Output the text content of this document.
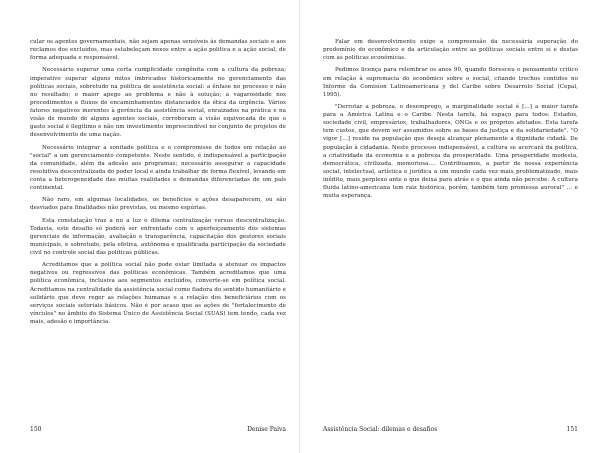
cular os agentes governamentais, não sejam apenas sensíveis às demandas sociais e aos reclamos dos excluídos, mas estabeleçam nexos entre a ação política e a ação social, de forma adequada e responsável.

Necessário superar uma certa cumplicidade congênita com a cultura da pobreza; imperativo superar alguns mitos imbricados historicamente no gerenciamento das políticas sociais, sobretudo na política de assistência social: a ênfase no processo e não no resultado; o maior apego ao problema e não à solução; a vagarosidade nos procedimentos e fluxos de encaminhamentos distanciados da ética da urgência. Vários fatores negativos inerentes à gerência da assistência social, enraizados na prática e na visão de mundo de alguns agentes sociais, corroboram a visão equivocada de que o gasto social é ilegítimo e não um investimento imprescindível no conjunto de projetos de desenvolvimento de uma nação.

Necessário integrar a sonitade política e o compromisse de todos em relação ao "social" a um gerenciamento competente. Neste sentido, é indispensável a participação da comunidade, além da adesão aos programas; necessário assegurar a capacidade resolutiva descentralizada do poder local e ainda trabalhar de forma flexível, levando em conta a heterogeneidade das muitas realidades e demandas diferenciadas de um país continental.

Não raro, em algumas localidades, os benefícios e ações desaparecem, ou são desviados para finalidades não previstas, ou mesmo espúrias.

Esta constatação traz a nu a luz o dilema centralização versus descentralização. Todavia, este desafio só poderá ser enfrentado com o aperfeiçoamento dos sistemas gerenciais de informação, avaliação e transparência, capacitação dos gestores sociais municipais, e sobretudo, pela efetiva, autônoma e qualificada participação da sociedade civil no controle social das políticas públicas.

Acreditamos que a política social não pode estar limitada a atenuar os impactos negativos ou regressivos das políticas econômicas. Também acreditamos que uma política econômica, inclusiva aos segmentos excluídos, converte-se em política social. Acreditamos na centralidade da assistência social como fiadora do sentido humanitário e solidário que deve reger as relações humanas e a relação dos beneficiários com os serviços sociais setoriais básicos. Não é por acaso que as ações de "fortalecimento de vínculos" no âmbito do Sistema Único de Assistência Social (SUAS) tem tendo, cada vez mais, adesão e importância.

150	Denise Paiva

Falar em desenvolvimento exige a compreensão da necessária superação do predomínio do econômico e da articulação entre as políticas sociais entre si e destas com as políticas econômicas.

Pedimos licença para relembrar os anos 90, quando floresceu o pensamento crítico em relação à supremacia do econômico sobre o social, citando trechos contidos no Informe da Comisíon Latinoamericana y del Caribe sobre Desarrolo Social (Cepal, 1995).

"Derrotar a pobreza, o desemprego, a marginalidade social é [...] a maior tarefa para a América Latina e o Caribe. Nesta tarefa, há espaço para todos: Estados, sociedade civil, empresários, trabalhadores, ONGs e os próprios afetados. Esta tarefa tem custos, que devem ser assumidos sobre as bases da justiça e da solidariedade". "O vigor [...] reside na população que deseja alcançar plenamente a dignidade cidadã. De população à cidadania. Neste processo indispensável, a cultura se acercará da política, a criatividade da economia e a pobreza da prosperidade. Uma prosperidade modesta, democrática, civilizada, memoriosa.... Contribuamos, a partir de nossa experiência social, intelectual, artística e jurídica a um mundo cada vez mais problematizado, mais inédito, mais perplexo ante o que deixa para atrás e o que ainda não percebe. A cultura fluida latino-americana tem raiz histórica, porém, também tem promessa auroral" ... e muita esperança.

Assistência Social: dilemas e desafios	151
